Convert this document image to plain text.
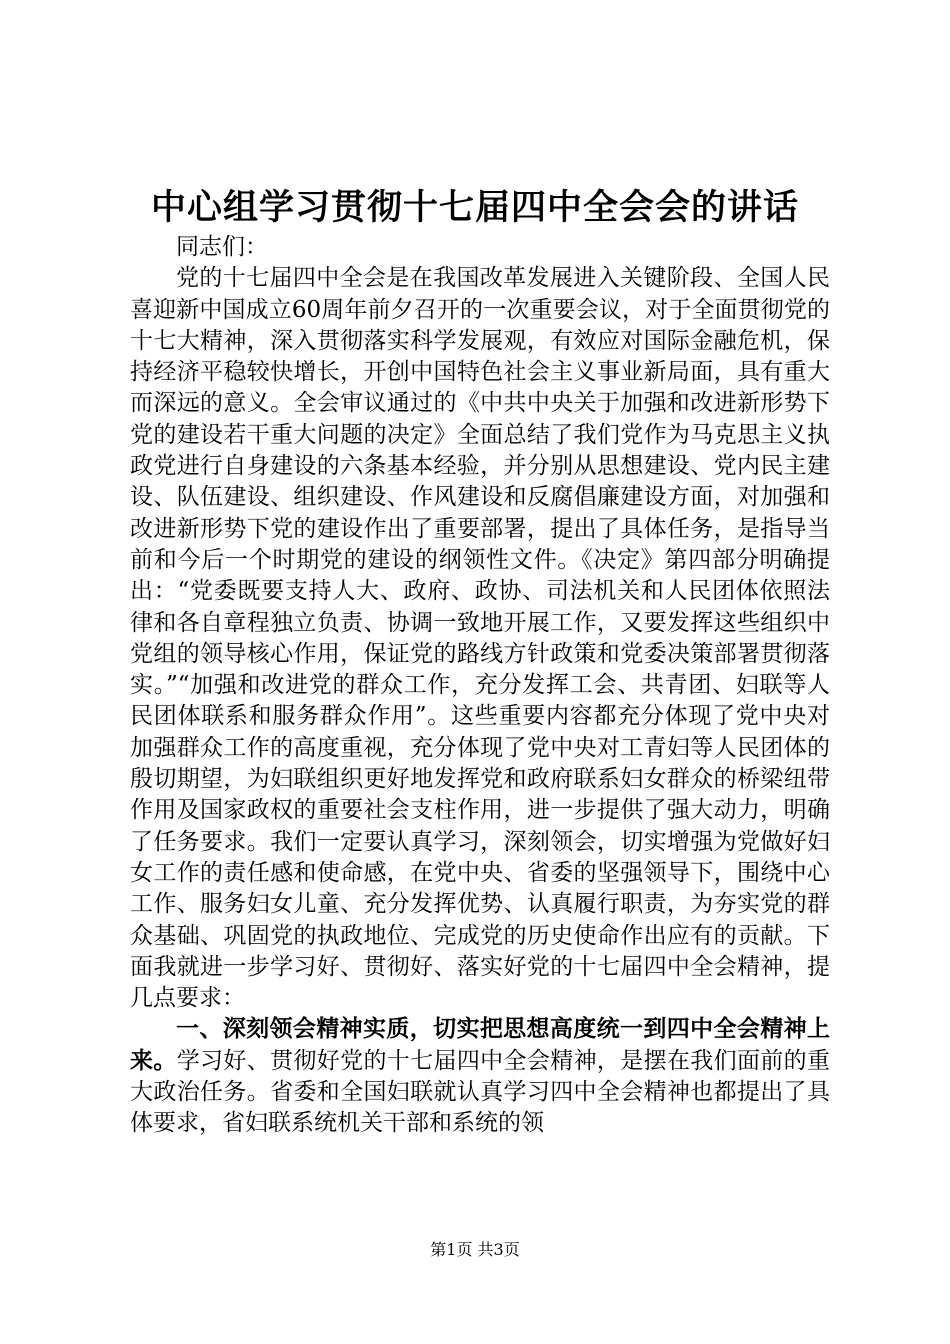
中心组学习贯彻十七届四中全会会的讲话

同志们：

党的十七届四中全会是在我国改革发展进入关键阶段、全国人民喜迎新中国成立60周年前夕召开的一次重要会议，对于全面贯彻党的十七大精神，深入贯彻落实科学发展观，有效应对国际金融危机，保持经济平稳较快增长，开创中国特色社会主义事业新局面，具有重大而深远的意义。全会审议通过的《中共中央关于加强和改进新形势下党的建设若干重大问题的决定》全面总结了我们党作为马克思主义执政党进行自身建设的六条基本经验，并分别从思想建设、党内民主建设、队伍建设、组织建设、作风建设和反腐倡廉建设方面，对加强和改进新形势下党的建设作出了重要部署，提出了具体任务，是指导当前和今后一个时期党的建设的纲领性文件。《决定》第四部分明确提出：“党委既要支持人大、政府、政协、司法机关和人民团体依照法律和各自章程独立负责、协调一致地开展工作，又要发挥这些组织中党组的领导核心作用，保证党的路线方针政策和党委决策部署贯彻落实。”“加强和改进党的群众工作，充分发挥工会、共青团、妇联等人民团体联系和服务群众作用”。这些重要内容都充分体现了党中央对加强群众工作的高度重视，充分体现了党中央对工青妇等人民团体的殷切期望，为妇联组织更好地发挥党和政府联系妇女群众的桥梁纽带作用及国家政权的重要社会支柱作用，进一步提供了强大动力，明确了任务要求。我们一定要认真学习，深刻领会，切实增强为党做好妇女工作的责任感和使命感，在党中央、省委的坚强领导下，围绕中心工作、服务妇女儿童、充分发挥优势、认真履行职责，为夯实党的群众基础、巩固党的执政地位、完成党的历史使命作出应有的贡献。下面我就进一步学习好、贯彻好、落实好党的十七届四中全会精神，提几点要求：

一、深刻领会精神实质，切实把思想高度统一到四中全会精神上来。学习好、贯彻好党的十七届四中全会精神，是摆在我们面前的重大政治任务。省委和全国妇联就认真学习四中全会精神也都提出了具体要求，省妇联系统机关干部和系统的领

第1页 共3页
